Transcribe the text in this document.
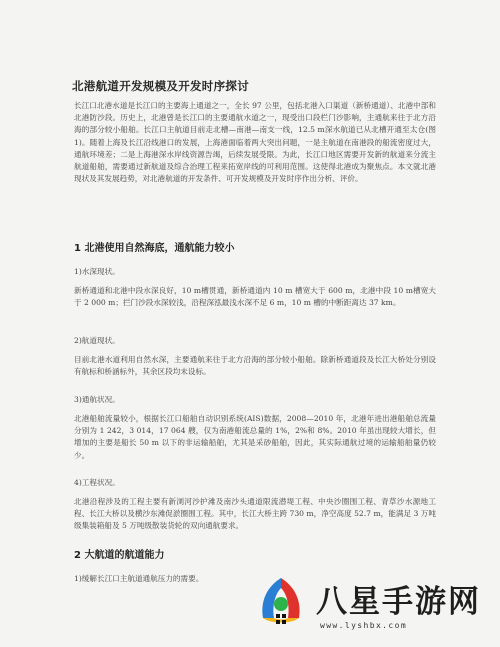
北港航道开发规模及开发时序探讨

长江口北港水道是长江口的主要海上通道之一，全长 97 公里，包括北港入口渠道（新桥通道）、北港中部和北港防沙段。历史上，北港曾是长江口的主要通航水道之一，现受出口段栏门沙影响，主通航来往于北方沿海的部分较小船舶。长江口主航道目前走北槽—南港—南支一线，12.5 m深水航道已从北槽开通至太仓(图1)。随着上海及长江沿线港口的发展，上海港面临着两大突出问题，一是主航道在南港段的船流密度过大，通航环境差；二是上海港深水岸线资源告竭，后续发展受限。为此，长江口地区需要开发新的航道来分流主航道船舶，需要通过新航道及综合治理工程来拓宽岸线的可利用范围。这使得北港成为聚焦点。本文就北港现状及其发展趋势，对北港航道的开发条件、可开发规模及开发时序作出分析、评价。

1 北港使用自然海底，通航能力较小
1)水深现状。

新桥通道和北港中段水深良好，10 m槽贯通，新桥通道内 10 m 槽宽大于 600 m，北港中段 10 m槽宽大于 2 000 m；拦门沙段水深较浅，沿程深泓最浅水深不足 6 m，10 m 槽的中断距离达 37 km。

2)航道现状。

目前北港水道利用自然水深，主要通航来往于北方沿海的部分较小船舶。除新桥通道段及长江大桥处分别设有航标和桥涵标外，其余区段均未设标。

3)通航状况。

北港船舶流量较小，根据长江口船舶自动识别系统(AIS)数据，2008—2010 年，北港年进出港船舶总流量分别为 1 242，3 014，17 064 艘，仅为南港船流总量的 1%，2%和 8%。2010 年虽出现较大增长，但增加的主要是船长 50 m 以下的非运输船舶，尤其是采砂船舶，因此，其实际通航过境的运输船舶量仍较少。

4)工程状况。

北港沿程涉及的工程主要有新浏河沙护滩及南沙头通道限流潜堤工程、中央沙圈围工程、青草沙水源地工程、长江大桥以及横沙东滩促淤圈围工程。其中，长江大桥主跨 730 m，净空高度 52.7 m，能满足 3 万吨级集装箱船及 5 万吨级散装货轮的双向通航要求。

2 大航道的航道能力
1)缓解长江口主航道通航压力的需要。
八星手游网
www.lyshbx.com
